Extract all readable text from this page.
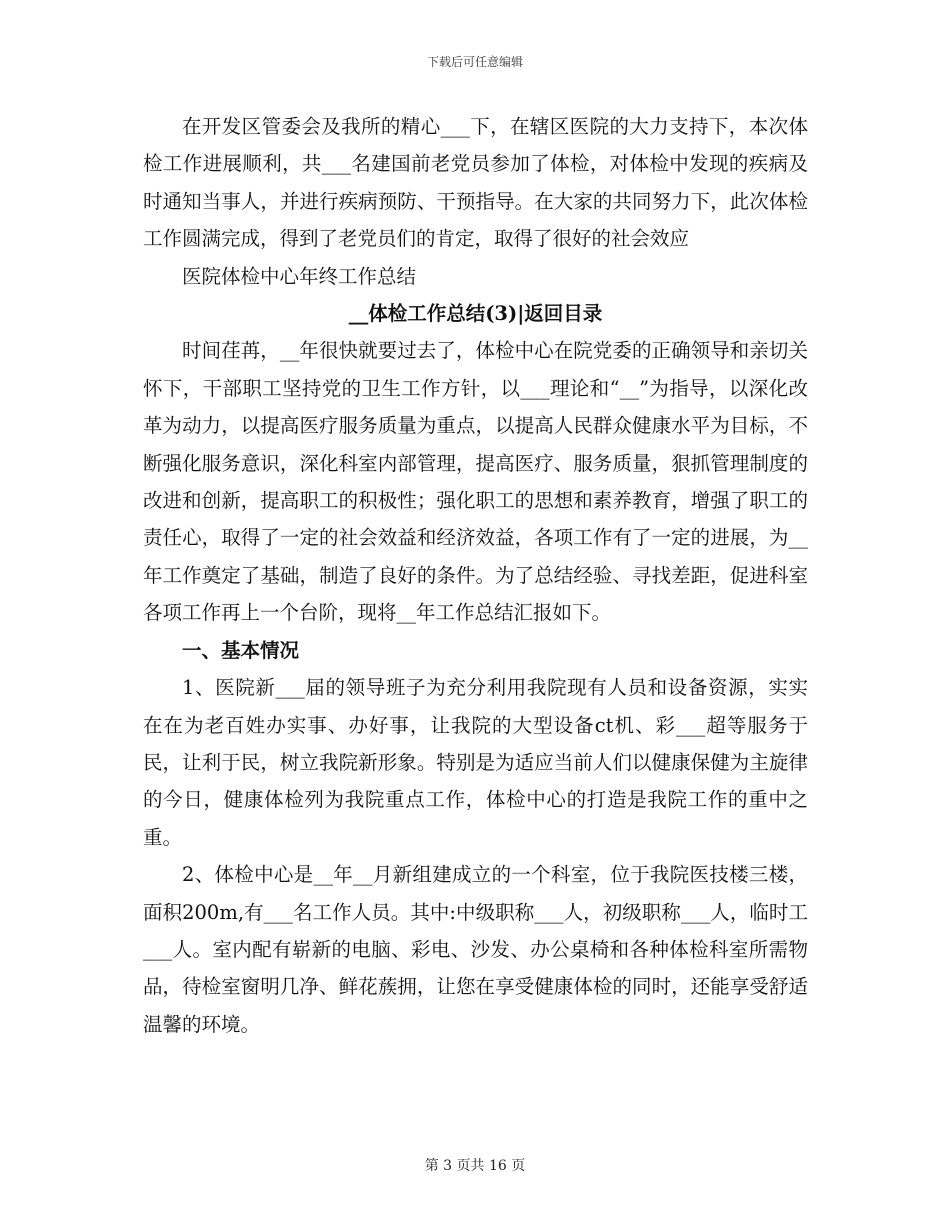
下载后可任意编辑

在开发区管委会及我所的精心___下，在辖区医院的大力支持下，本次体检工作进展顺利，共___名建国前老党员参加了体检，对体检中发现的疾病及时通知当事人，并进行疾病预防、干预指导。在大家的共同努力下，此次体检工作圆满完成，得到了老党员们的肯定，取得了很好的社会效应

医院体检中心年终工作总结

__体检工作总结(3)|返回目录

时间荏苒，__年很快就要过去了，体检中心在院党委的正确领导和亲切关怀下，干部职工坚持党的卫生工作方针，以___理论和“__”为指导，以深化改革为动力，以提高医疗服务质量为重点，以提高人民群众健康水平为目标，不断强化服务意识，深化科室内部管理，提高医疗、服务质量，狠抓管理制度的改进和创新，提高职工的积极性；强化职工的思想和素养教育，增强了职工的责任心，取得了一定的社会效益和经济效益，各项工作有了一定的进展，为__年工作奠定了基础，制造了良好的条件。为了总结经验、寻找差距，促进科室各项工作再上一个台阶，现将__年工作总结汇报如下。

一、基本情况

1、医院新___届的领导班子为充分利用我院现有人员和设备资源，实实在在为老百姓办实事、办好事，让我院的大型设备ct机、彩___超等服务于民，让利于民，树立我院新形象。特别是为适应当前人们以健康保健为主旋律的今日，健康体检列为我院重点工作，体检中心的打造是我院工作的重中之重。

2、体检中心是__年__月新组建成立的一个科室，位于我院医技楼三楼，面积200m,有___名工作人员。其中:中级职称___人，初级职称___人，临时工___人。室内配有崭新的电脑、彩电、沙发、办公桌椅和各种体检科室所需物品，待检室窗明几净、鲜花蔟拥，让您在享受健康体检的同时，还能享受舒适温馨的环境。

第 3 页共 16 页
